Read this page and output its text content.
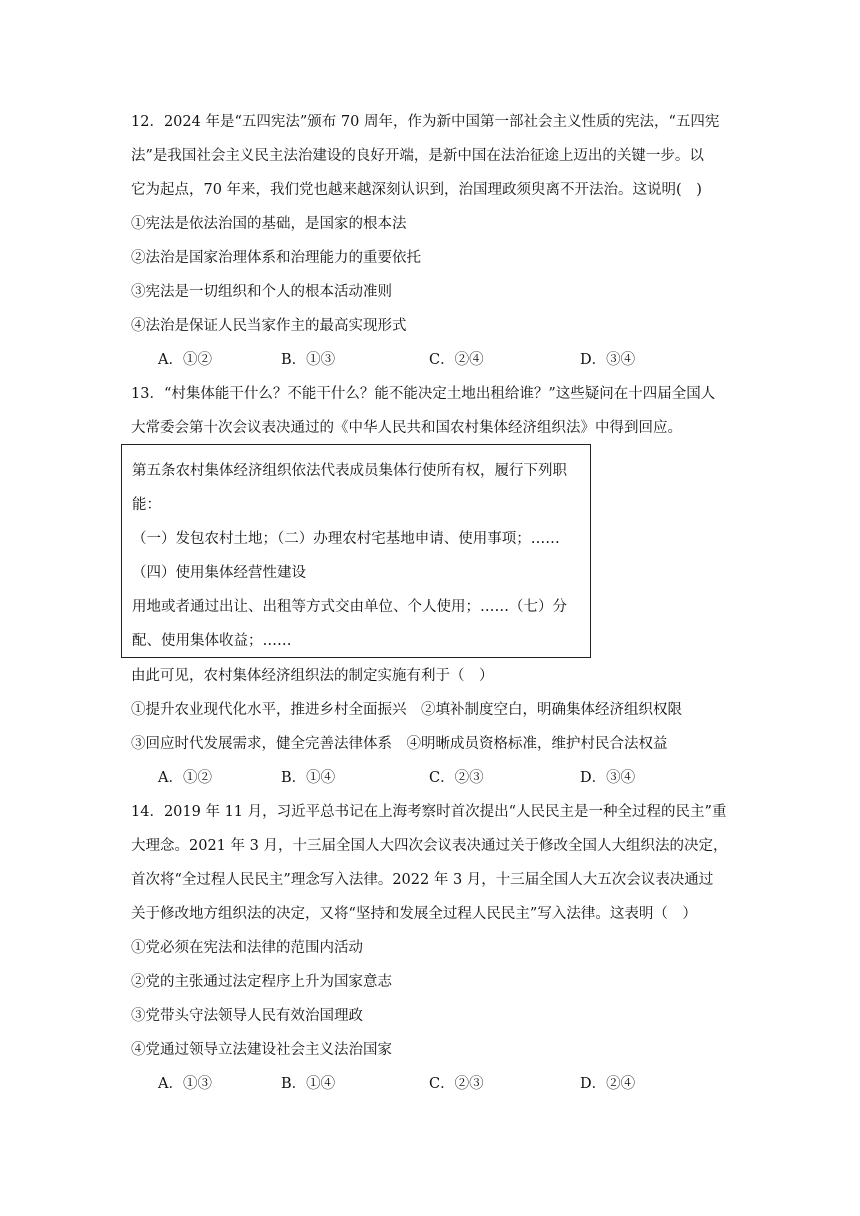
12．2024 年是“五四宪法”颁布 70 周年，作为新中国第一部社会主义性质的宪法，“五四宪
法”是我国社会主义民主法治建设的良好开端，是新中国在法治征途上迈出的关键一步。以
它为起点，70 年来，我们党也越来越深刻认识到，治国理政须臾离不开法治。这说明(　)
①宪法是依法治国的基础，是国家的根本法
②法治是国家治理体系和治理能力的重要依托
③宪法是一切组织和个人的根本活动准则
④法治是保证人民当家作主的最高实现形式
A．①②	B．①③	C．②④	D．③④
13．“村集体能干什么？不能干什么？能不能决定土地出租给谁？”这些疑问在十四届全国人
大常委会第十次会议表决通过的《中华人民共和国农村集体经济组织法》中得到回应。
第五条农村集体经济组织依法代表成员集体行使所有权，履行下列职
能：
（一）发包农村土地；（二）办理农村宅基地申请、使用事项；……
（四）使用集体经营性建设
用地或者通过出让、出租等方式交由单位、个人使用；……（七）分
配、使用集体收益；……
由此可见，农村集体经济组织法的制定实施有利于（　）
①提升农业现代化水平，推进乡村全面振兴　②填补制度空白，明确集体经济组织权限
③回应时代发展需求，健全完善法律体系　④明晰成员资格标准，维护村民合法权益
A．①②	B．①④	C．②③	D．③④
14．2019 年 11 月，习近平总书记在上海考察时首次提出“人民民主是一种全过程的民主”重
大理念。2021 年 3 月，十三届全国人大四次会议表决通过关于修改全国人大组织法的决定，
首次将“全过程人民民主”理念写入法律。2022 年 3 月，十三届全国人大五次会议表决通过
关于修改地方组织法的决定，又将“坚持和发展全过程人民民主”写入法律。这表明（　）
①党必须在宪法和法律的范围内活动
②党的主张通过法定程序上升为国家意志
③党带头守法领导人民有效治国理政
④党通过领导立法建设社会主义法治国家
A．①③	B．①④	C．②③	D．②④
